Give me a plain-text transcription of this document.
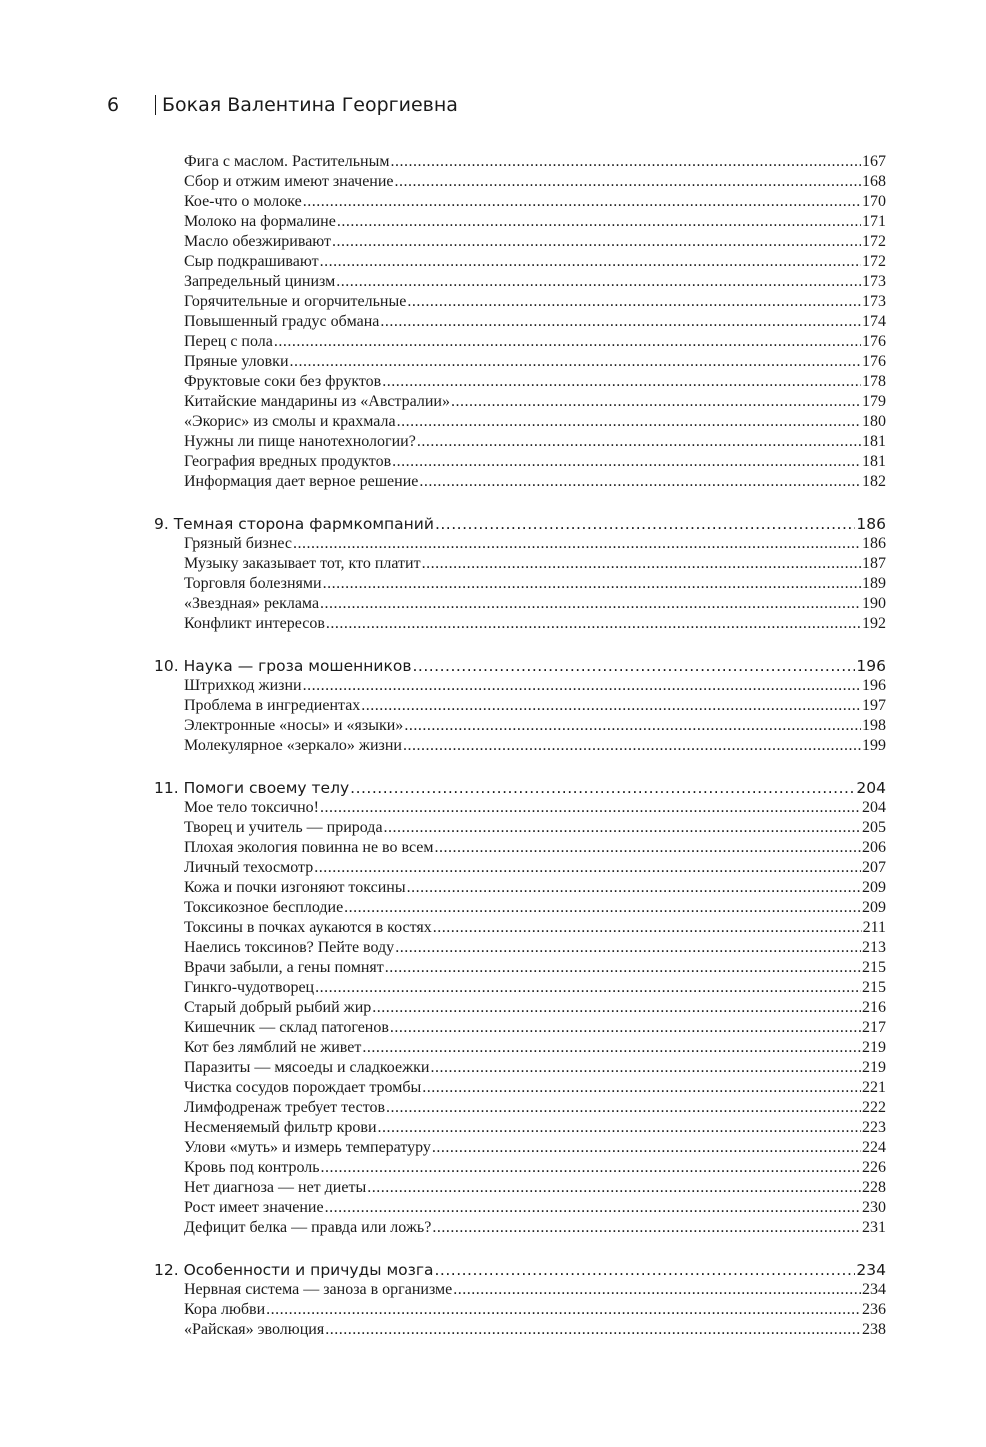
6	Бокая Валентина Георгиевна
Фига с маслом. Растительным .....	167
Сбор и отжим имеют значение .....	168
Кое-что о молоке .....	170
Молоко на формалине .....	171
Масло обезжиривают .....	172
Сыр подкрашивают .....	172
Запредельный цинизм .....	173
Горячительные и огорчительные .....	173
Повышенный градус обмана .....	174
Перец с пола .....	176
Пряные уловки .....	176
Фруктовые соки без фруктов .....	178
Китайские мандарины из «Австралии» .....	179
«Экорис» из смолы и крахмала .....	180
Нужны ли пище нанотехнологии? .....	181
География вредных продуктов .....	181
Информация дает верное решение .....	182
9. Темная сторона фармкомпаний .....	186
Грязный бизнес .....	186
Музыку заказывает тот, кто платит .....	187
Торговля болезнями .....	189
«Звездная» реклама .....	190
Конфликт интересов .....	192
10. Наука — гроза мошенников .....	196
Штрихкод жизни .....	196
Проблема в ингредиентах .....	197
Электронные «носы» и «языки» .....	198
Молекулярное «зеркало» жизни .....	199
11. Помоги своему телу .....	204
Мое тело токсично! .....	204
Творец и учитель — природа .....	205
Плохая экология повинна не во всем .....	206
Личный техосмотр .....	207
Кожа и почки изгоняют токсины .....	209
Токсикозное бесплодие .....	209
Токсины в почках аукаются в костях .....	211
Наелись токсинов? Пейте воду .....	213
Врачи забыли, а гены помнят .....	215
Гинкго-чудотворец .....	215
Старый добрый рыбий жир .....	216
Кишечник — склад патогенов .....	217
Кот без лямблий не живет .....	219
Паразиты — мясоеды и сладкоежки .....	219
Чистка сосудов порождает тромбы .....	221
Лимфодренаж требует тестов .....	222
Несменяемый фильтр крови .....	223
Улови «муть» и измерь температуру .....	224
Кровь под контроль .....	226
Нет диагноза — нет диеты .....	228
Рост имеет значение .....	230
Дефицит белка — правда или ложь? .....	231
12. Особенности и причуды мозга .....	234
Нервная система — заноза в организме .....	234
Кора любви .....	236
«Райская» эволюция .....	238
